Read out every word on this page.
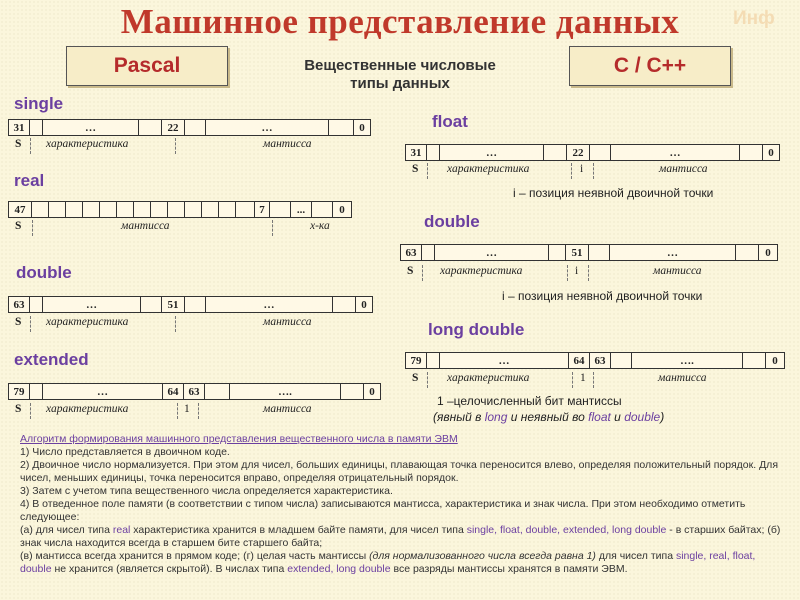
Машинное представление данных	Инф
Pascal	C / C++
Вещественные числовые
типы данных
single
31	…	22	…	0
S характеристика	мантисса
real
47	7	...	0
S	мантисса	х-ка
double
63	…	51	…	0
S характеристика	мантисса
extended
79	…	64 63	….	0
S характеристика	1	мантисса
float
31	…	22	…	0
S характеристика	i	мантисса
i – позиция неявной двоичной точки
double
63	…	51	…	0
S характеристика	i	мантисса
i – позиция неявной двоичной точки
long double
79	…	64 63	….	0
S характеристика	1	мантисса
1 –целочисленный бит мантиссы
(явный в long и неявный во float и double)

Алгоритм формирования машинного представления вещественного числа в памяти ЭВМ

1) Число представляется в двоичном коде.

2) Двоичное число нормализуется. При этом для чисел, больших единицы, плавающая точка переносится влево, определяя положительный порядок. Для чисел, меньших единицы, точка переносится вправо, определяя отрицательный порядок.

3) Затем с учетом типа вещественного числа определяется характеристика.

4) В отведенное поле памяти (в соответствии с типом числа) записываются мантисса, характеристика и знак числа. При этом необходимо отметить следующее:

(а) для чисел типа real характеристика хранится в младшем байте памяти, для чисел типа single, float, double, extended, long double - в старших байтах; (б) знак числа находится всегда в старшем бите старшего байта;

(в) мантисса всегда хранится в прямом коде; (г) целая часть мантиссы (для нормализованного числа всегда равна 1) для чисел типа single, real, float, double не хранится (является скрытой). В числах типа extended, long double все разряды мантиссы хранятся в памяти ЭВМ.
